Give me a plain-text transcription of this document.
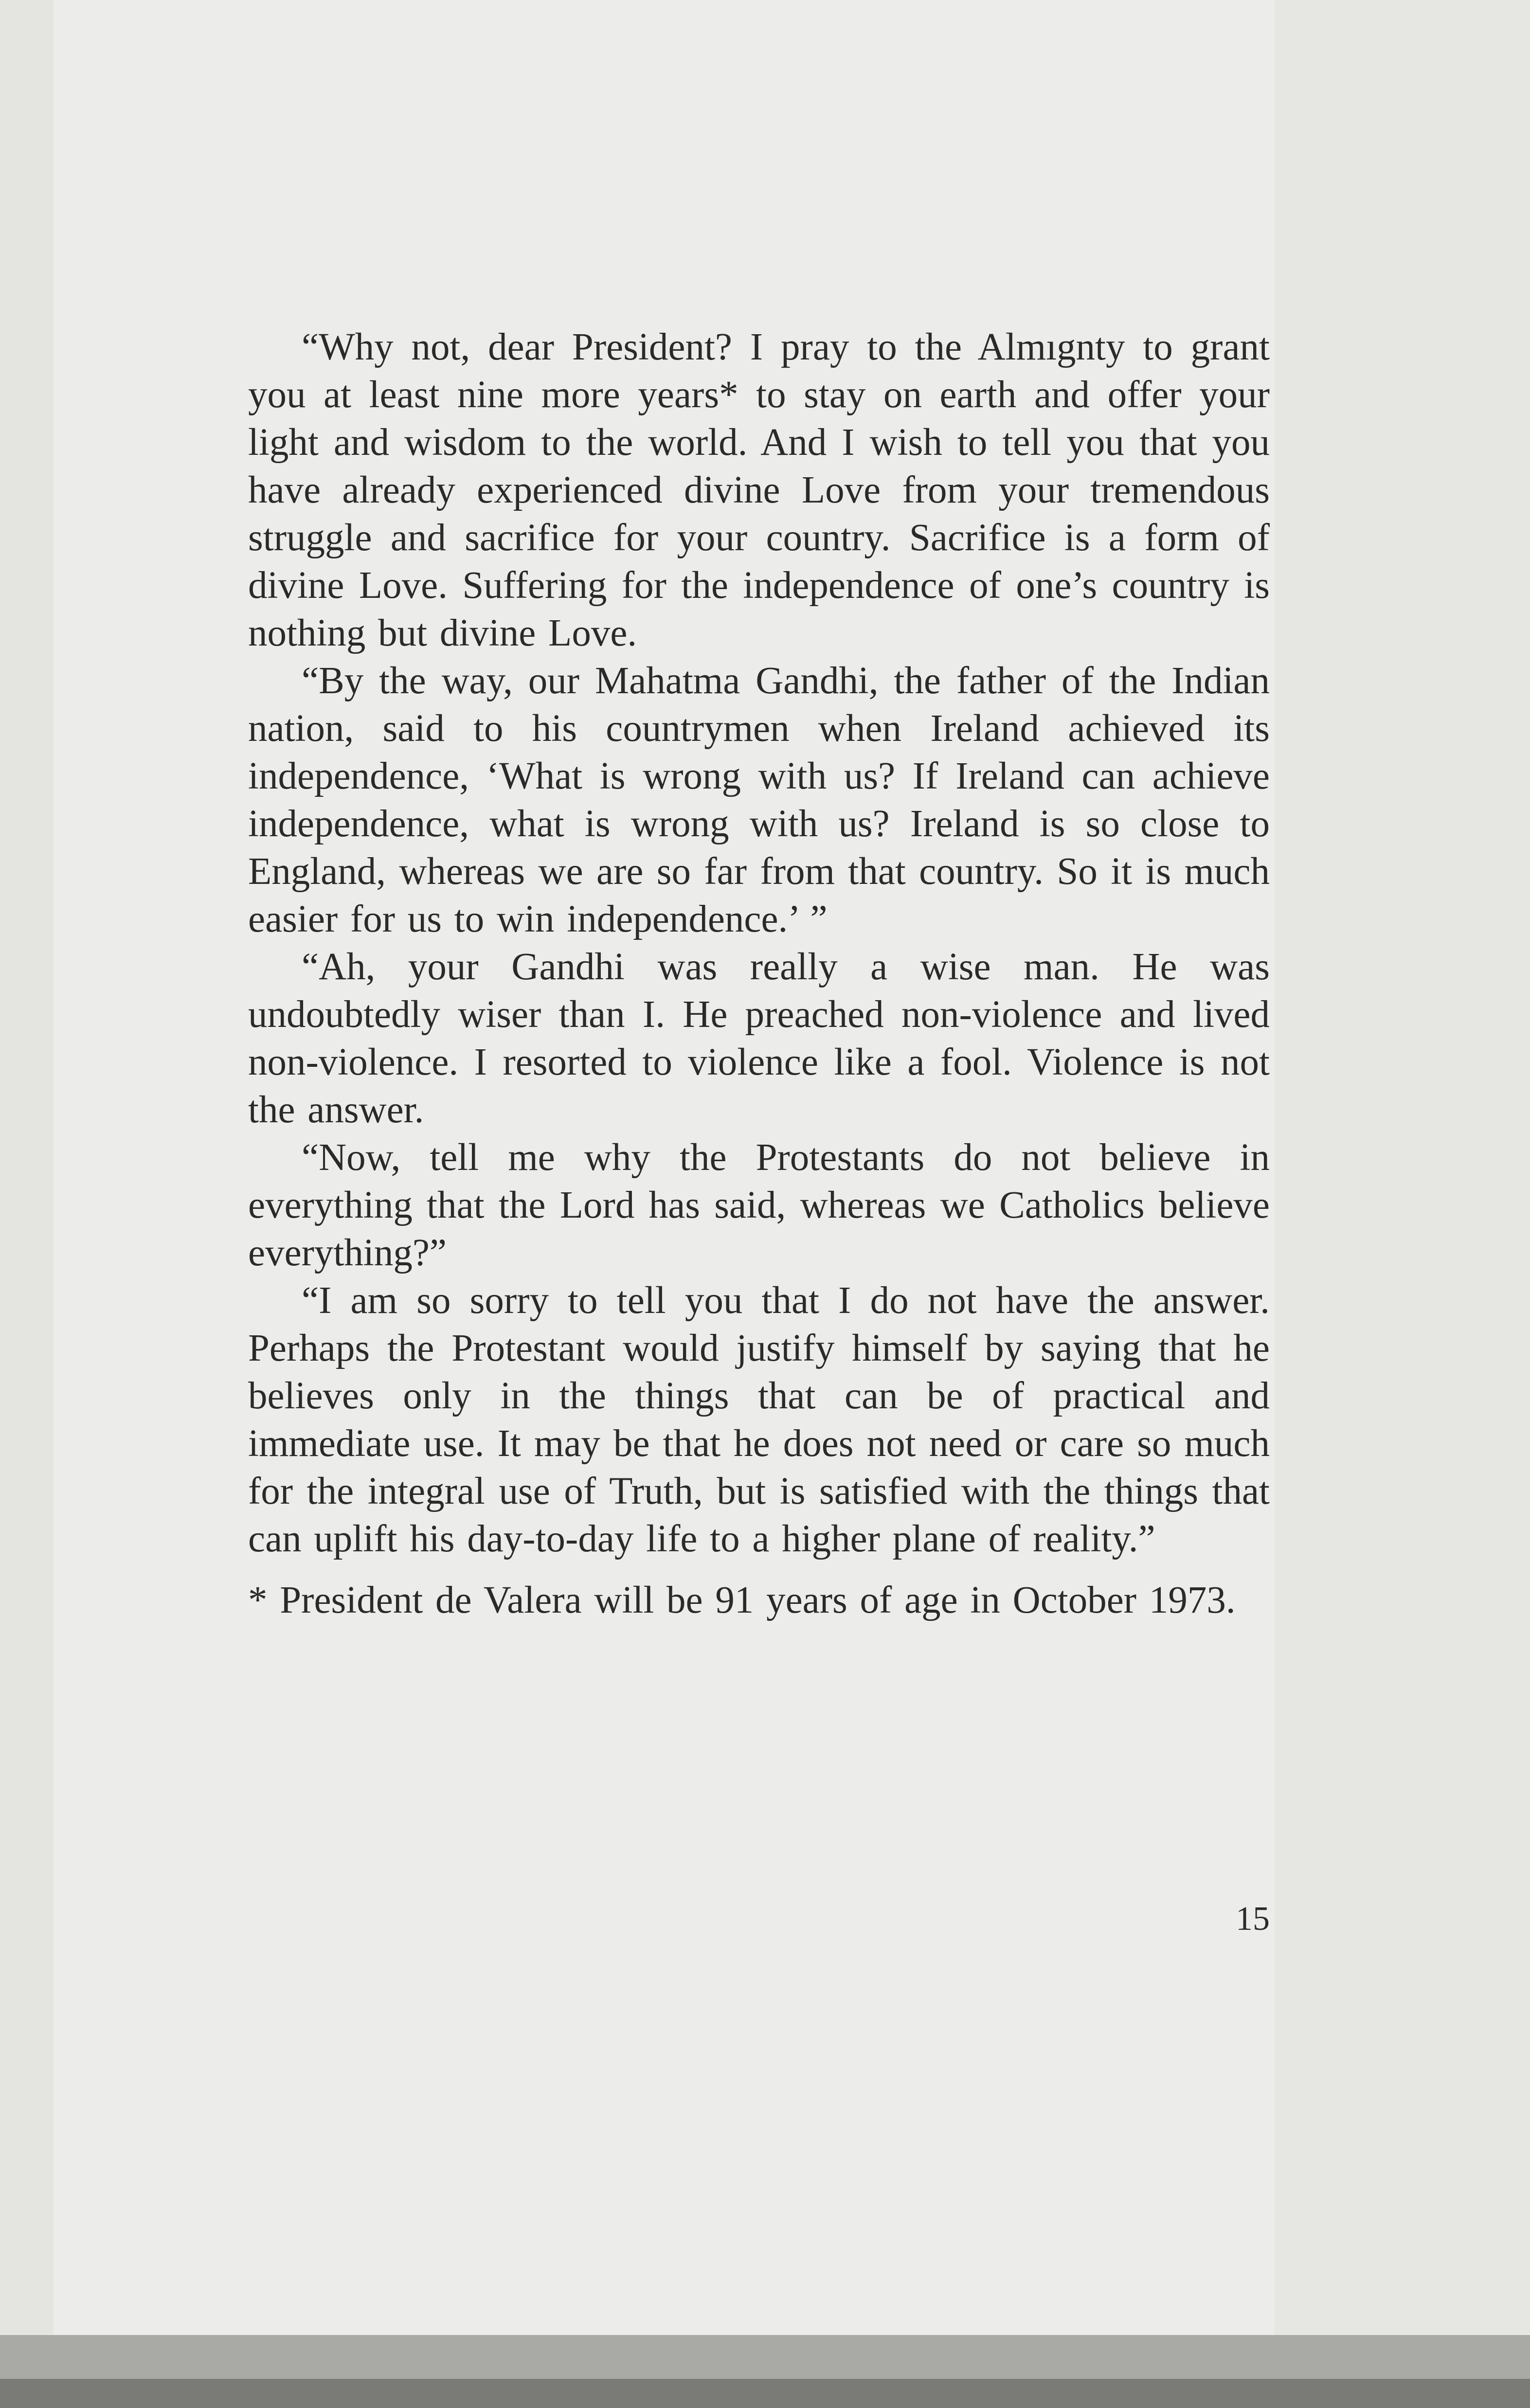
“Why not, dear President? I pray to the Almıgnty to grant you at least nine more years* to stay on earth and offer your light and wisdom to the world. And I wish to tell you that you have already experienced divine Love from your tremendous struggle and sacrifice for your country. Sacrifice is a form of divine Love. Suffering for the independence of one’s country is nothing but divine Love.

“By the way, our Mahatma Gandhi, the father of the Indian nation, said to his countrymen when Ireland achieved its independence, ‘What is wrong with us? If Ireland can achieve independence, what is wrong with us? Ireland is so close to England, whereas we are so far from that country. So it is much easier for us to win independence.’ ”

“Ah, your Gandhi was really a wise man. He was undoubtedly wiser than I. He preached non-violence and lived non-violence. I resorted to violence like a fool. Violence is not the answer.

“Now, tell me why the Protestants do not believe in everything that the Lord has said, whereas we Catholics believe everything?”

“I am so sorry to tell you that I do not have the answer. Perhaps the Protestant would justify himself by saying that he believes only in the things that can be of practical and immediate use. It may be that he does not need or care so much for the integral use of Truth, but is satisfied with the things that can uplift his day-to-day life to a higher plane of reality.”

* President de Valera will be 91 years of age in October 1973.

15
